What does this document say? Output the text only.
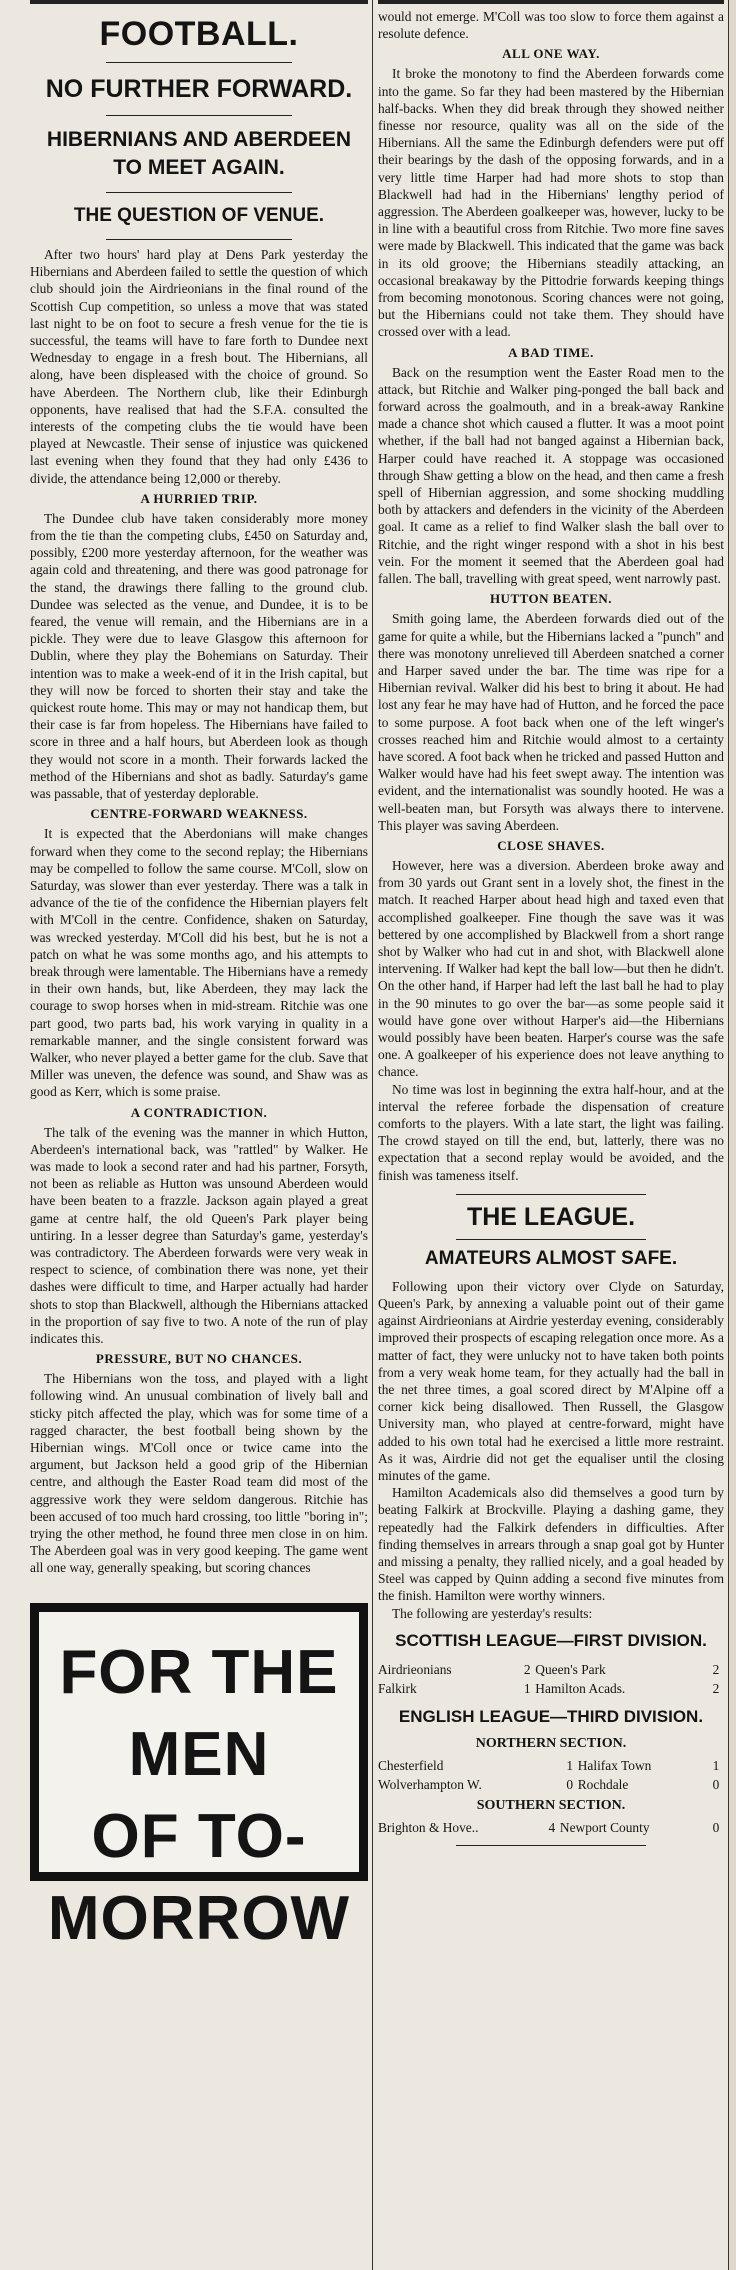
FOOTBALL.
NO FURTHER FORWARD.
HIBERNIANS AND ABERDEEN TO MEET AGAIN.
THE QUESTION OF VENUE.

After two hours' hard play at Dens Park yesterday the Hibernians and Aberdeen failed to settle the question of which club should join the Airdrieonians in the final round of the Scottish Cup competition, so unless a move that was stated last night to be on foot to secure a fresh venue for the tie is successful, the teams will have to fare forth to Dundee next Wednesday to engage in a fresh bout. The Hibernians, all along, have been displeased with the choice of ground. So have Aberdeen. The Northern club, like their Edinburgh opponents, have realised that had the S.F.A. consulted the interests of the competing clubs the tie would have been played at Newcastle. Their sense of injustice was quickened last evening when they found that they had only £436 to divide, the attendance being 12,000 or thereby.

A HURRIED TRIP.

The Dundee club have taken considerably more money from the tie than the competing clubs, £450 on Saturday and, possibly, £200 more yesterday afternoon, for the weather was again cold and threatening, and there was good patronage for the stand, the drawings there falling to the ground club. Dundee was selected as the venue, and Dundee, it is to be feared, the venue will remain, and the Hibernians are in a pickle. They were due to leave Glasgow this afternoon for Dublin, where they play the Bohemians on Saturday. Their intention was to make a week-end of it in the Irish capital, but they will now be forced to shorten their stay and take the quickest route home. This may or may not handicap them, but their case is far from hopeless. The Hibernians have failed to score in three and a half hours, but Aberdeen look as though they would not score in a month. Their forwards lacked the method of the Hibernians and shot as badly. Saturday's game was passable, that of yesterday deplorable.

CENTRE-FORWARD WEAKNESS.

It is expected that the Aberdonians will make changes forward when they come to the second replay; the Hibernians may be compelled to follow the same course. M'Coll, slow on Saturday, was slower than ever yesterday. There was a talk in advance of the tie of the confidence the Hibernian players felt with M'Coll in the centre. Confidence, shaken on Saturday, was wrecked yesterday. M'Coll did his best, but he is not a patch on what he was some months ago, and his attempts to break through were lamentable. The Hibernians have a remedy in their own hands, but, like Aberdeen, they may lack the courage to swop horses when in mid-stream. Ritchie was one part good, two parts bad, his work varying in quality in a remarkable manner, and the single consistent forward was Walker, who never played a better game for the club. Save that Miller was uneven, the defence was sound, and Shaw was as good as Kerr, which is some praise.

A CONTRADICTION.

The talk of the evening was the manner in which Hutton, Aberdeen's international back, was "rattled" by Walker. He was made to look a second rater and had his partner, Forsyth, not been as reliable as Hutton was unsound Aberdeen would have been beaten to a frazzle. Jackson again played a great game at centre half, the old Queen's Park player being untiring. In a lesser degree than Saturday's game, yesterday's was contradictory. The Aberdeen forwards were very weak in respect to science, of combination there was none, yet their dashes were difficult to time, and Harper actually had harder shots to stop than Blackwell, although the Hibernians attacked in the proportion of say five to two. A note of the run of play indicates this.

PRESSURE, BUT NO CHANCES.

The Hibernians won the toss, and played with a light following wind. An unusual combination of lively ball and sticky pitch affected the play, which was for some time of a ragged character, the best football being shown by the Hibernian wings. M'Coll once or twice came into the argument, but Jackson held a good grip of the Hibernian centre, and although the Easter Road team did most of the aggressive work they were seldom dangerous. Ritchie has been accused of too much hard crossing, too little "boring in"; trying the other method, he found three men close in on him. The Aberdeen goal was in very good keeping. The game went all one way, generally speaking, but scoring chances

FOR THE MEN
OF TO-MORROW

would not emerge. M'Coll was too slow to force them against a resolute defence.

ALL ONE WAY.

It broke the monotony to find the Aberdeen forwards come into the game. So far they had been mastered by the Hibernian half-backs. When they did break through they showed neither finesse nor resource, quality was all on the side of the Hibernians. All the same the Edinburgh defenders were put off their bearings by the dash of the opposing forwards, and in a very little time Harper had had more shots to stop than Blackwell had had in the Hibernians' lengthy period of aggression. The Aberdeen goalkeeper was, however, lucky to be in line with a beautiful cross from Ritchie. Two more fine saves were made by Blackwell. This indicated that the game was back in its old groove; the Hibernians steadily attacking, an occasional breakaway by the Pittodrie forwards keeping things from becoming monotonous. Scoring chances were not going, but the Hibernians could not take them. They should have crossed over with a lead.

A BAD TIME.

Back on the resumption went the Easter Road men to the attack, but Ritchie and Walker ping-ponged the ball back and forward across the goalmouth, and in a break-away Rankine made a chance shot which caused a flutter. It was a moot point whether, if the ball had not banged against a Hibernian back, Harper could have reached it. A stoppage was occasioned through Shaw getting a blow on the head, and then came a fresh spell of Hibernian aggression, and some shocking muddling both by attackers and defenders in the vicinity of the Aberdeen goal. It came as a relief to find Walker slash the ball over to Ritchie, and the right winger respond with a shot in his best vein. For the moment it seemed that the Aberdeen goal had fallen. The ball, travelling with great speed, went narrowly past.

HUTTON BEATEN.

Smith going lame, the Aberdeen forwards died out of the game for quite a while, but the Hibernians lacked a "punch" and there was monotony unrelieved till Aberdeen snatched a corner and Harper saved under the bar. The time was ripe for a Hibernian revival. Walker did his best to bring it about. He had lost any fear he may have had of Hutton, and he forced the pace to some purpose. A foot back when one of the left winger's crosses reached him and Ritchie would almost to a certainty have scored. A foot back when he tricked and passed Hutton and Walker would have had his feet swept away. The intention was evident, and the internationalist was soundly hooted. He was a well-beaten man, but Forsyth was always there to intervene. This player was saving Aberdeen.

CLOSE SHAVES.

However, here was a diversion. Aberdeen broke away and from 30 yards out Grant sent in a lovely shot, the finest in the match. It reached Harper about head high and taxed even that accomplished goalkeeper. Fine though the save was it was bettered by one accomplished by Blackwell from a short range shot by Walker who had cut in and shot, with Blackwell alone intervening. If Walker had kept the ball low—but then he didn't. On the other hand, if Harper had left the last ball he had to play in the 90 minutes to go over the bar—as some people said it would have gone over without Harper's aid—the Hibernians would possibly have been beaten. Harper's course was the safe one. A goalkeeper of his experience does not leave anything to chance.

No time was lost in beginning the extra half-hour, and at the interval the referee forbade the dispensation of creature comforts to the players. With a late start, the light was failing. The crowd stayed on till the end, but, latterly, there was no expectation that a second replay would be avoided, and the finish was tameness itself.

THE LEAGUE.
AMATEURS ALMOST SAFE.

Following upon their victory over Clyde on Saturday, Queen's Park, by annexing a valuable point out of their game against Airdrieonians at Airdrie yesterday evening, considerably improved their prospects of escaping relegation once more. As a matter of fact, they were unlucky not to have taken both points from a very weak home team, for they actually had the ball in the net three times, a goal scored direct by M'Alpine off a corner kick being disallowed. Then Russell, the Glasgow University man, who played at centre-forward, might have added to his own total had he exercised a little more restraint. As it was, Airdrie did not get the equaliser until the closing minutes of the game.

Hamilton Academicals also did themselves a good turn by beating Falkirk at Brockville. Playing a dashing game, they repeatedly had the Falkirk defenders in difficulties. After finding themselves in arrears through a snap goal got by Hunter and missing a penalty, they rallied nicely, and a goal headed by Steel was capped by Quinn adding a second five minutes from the finish. Hamilton were worthy winners.

The following are yesterday's results:

SCOTTISH LEAGUE—FIRST DIVISION.
Airdrieonians	2	Queen's Park	2
Falkirk	1	Hamilton Acads.	2
ENGLISH LEAGUE—THIRD DIVISION.
NORTHERN SECTION.
Chesterfield	1	Halifax Town	1
Wolverhampton W.	0	Rochdale	0
SOUTHERN SECTION.
Brighton & Hove..	4	Newport County	0
